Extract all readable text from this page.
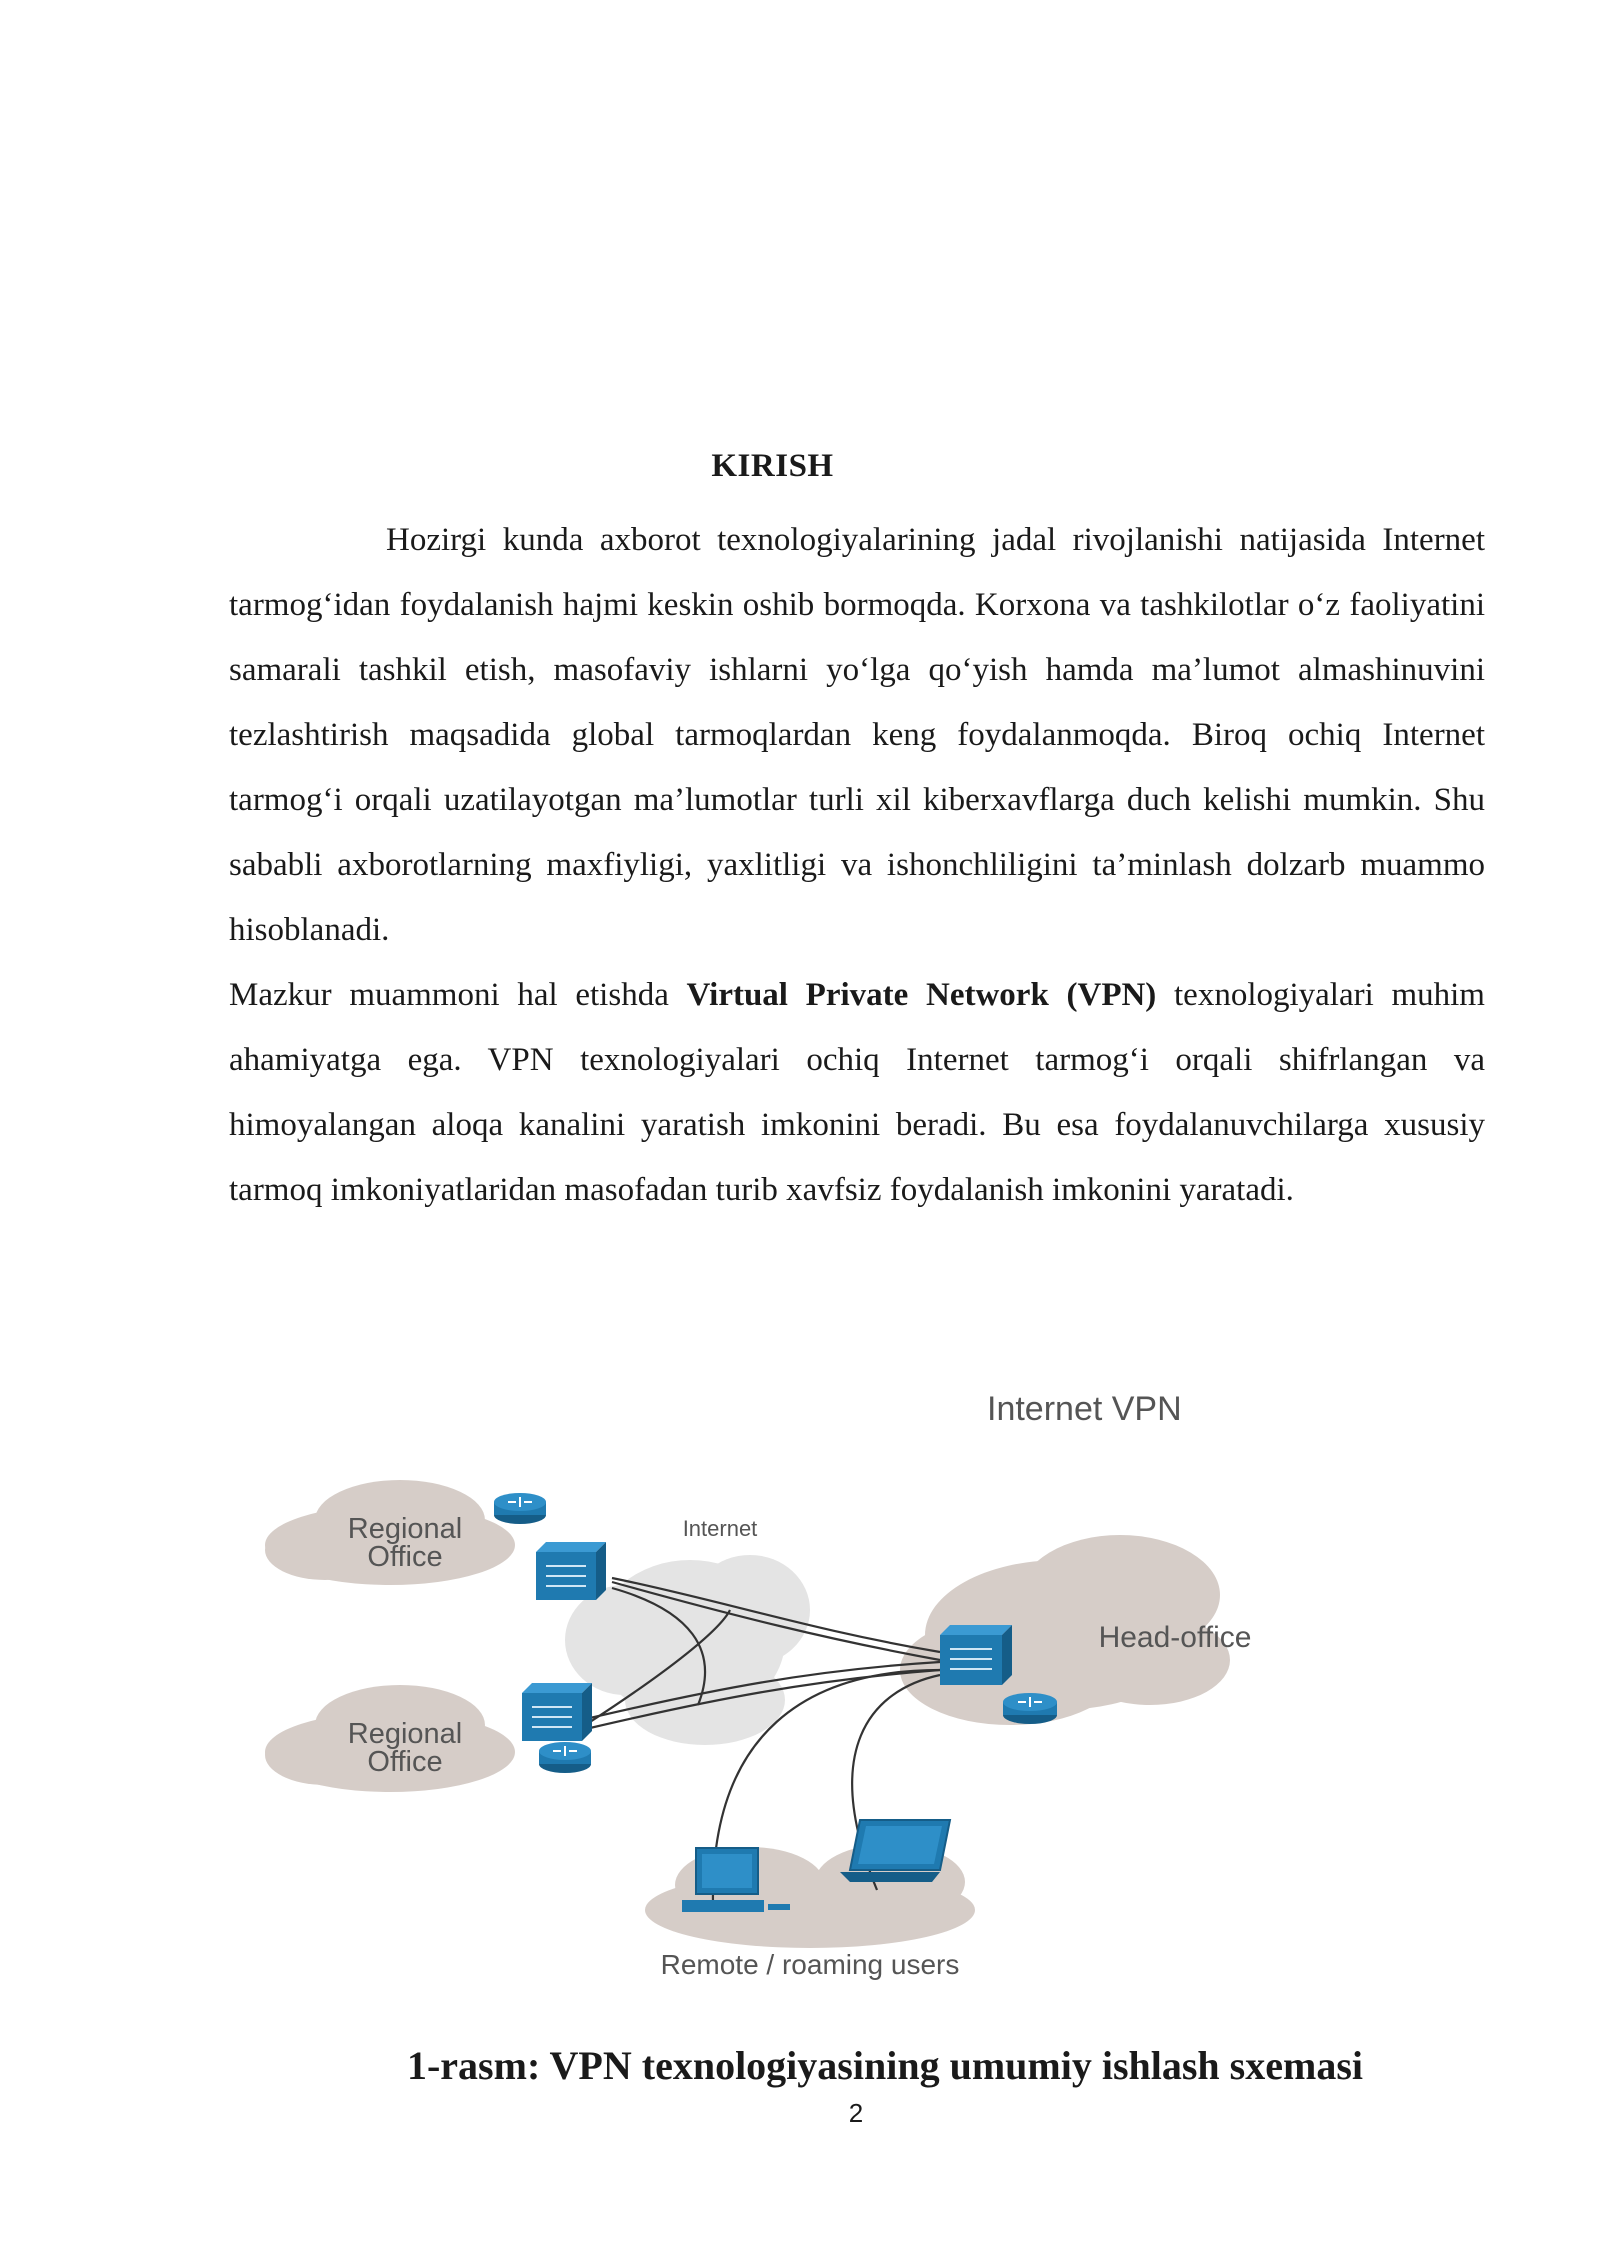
KIRISH

Hozirgi kunda axborot texnologiyalarining jadal rivojlanishi natijasida Internet tarmog‘idan foydalanish hajmi keskin oshib bormoqda. Korxona va tashkilotlar o‘z faoliyatini samarali tashkil etish, masofaviy ishlarni yo‘lga qo‘yish hamda ma’lumot almashinuvini tezlashtirish maqsadida global tarmoqlardan keng foydalanmoqda. Biroq ochiq Internet tarmog‘i orqali uzatilayotgan ma’lumotlar turli xil kiberxavflarga duch kelishi mumkin. Shu sababli axborotlarning maxfiyligi, yaxlitligi va ishonchliligini ta’minlash dolzarb muammo hisoblanadi.

Mazkur muammoni hal etishda Virtual Private Network (VPN) texnologiyalari muhim ahamiyatga ega. VPN texnologiyalari ochiq Internet tarmog‘i orqali shifrlangan va himoyalangan aloqa kanalini yaratish imkonini beradi. Bu esa foydalanuvchilarga xususiy tarmoq imkoniyatlaridan masofadan turib xavfsiz foydalanish imkonini yaratadi.

Internet VPN
Internet
Regional
Office
Regional
Office
Head-office
Remote / roaming users
1-rasm: VPN texnologiyasining umumiy ishlash sxemasi
2
